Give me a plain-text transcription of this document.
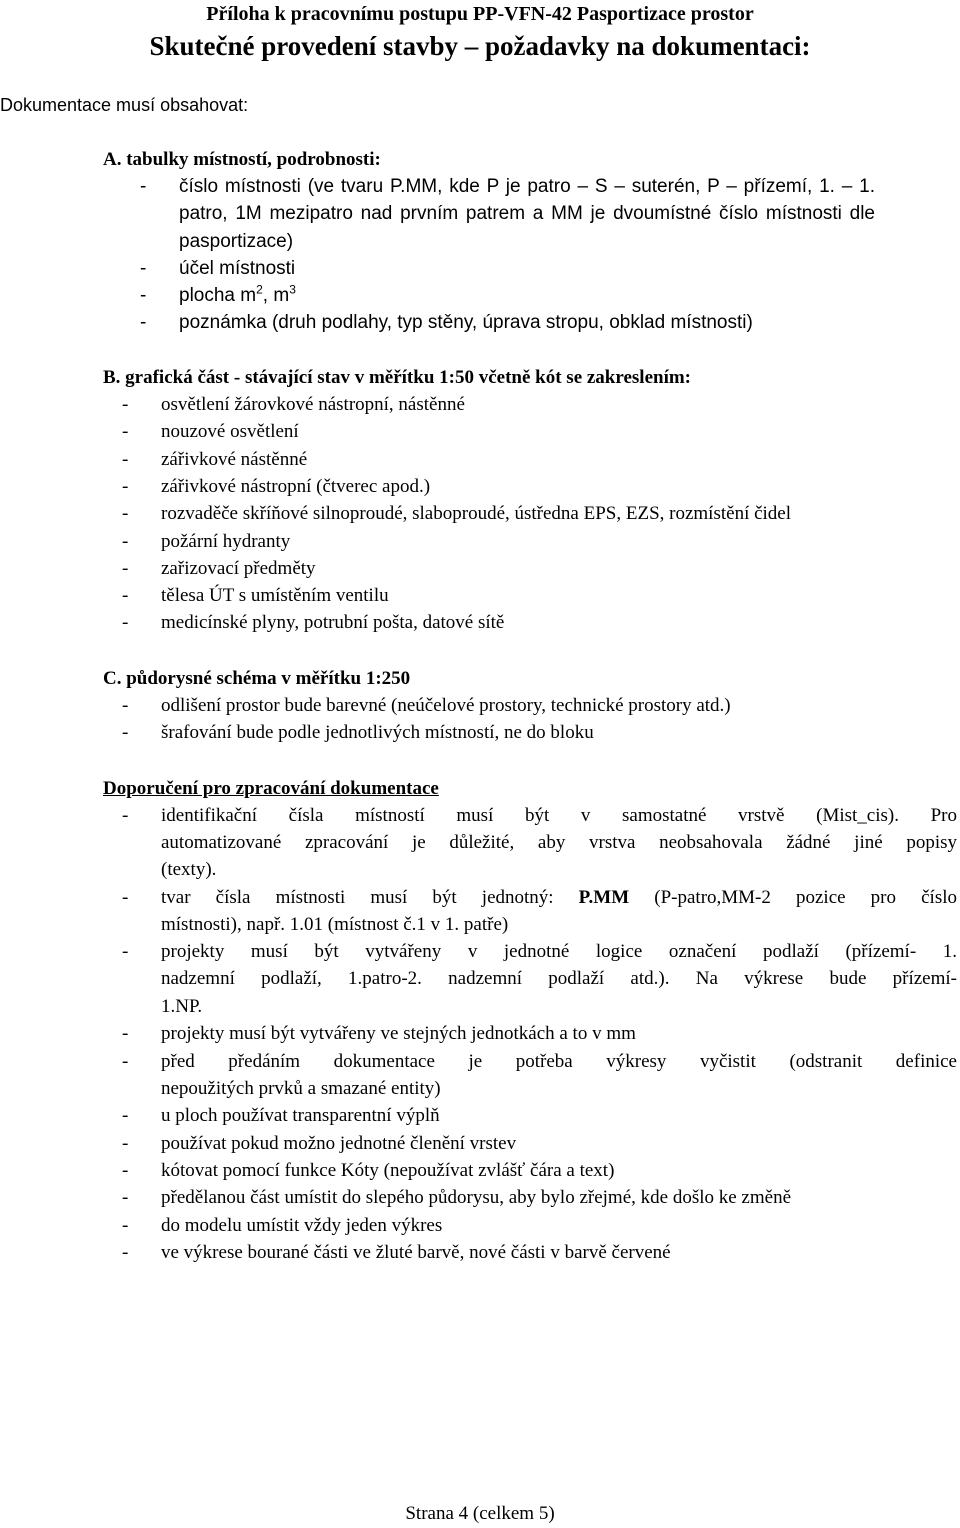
Příloha k pracovnímu postupu PP-VFN-42 Pasportizace prostor
Skutečné provedení stavby – požadavky na dokumentaci:
Dokumentace musí obsahovat:
A. tabulky místností, podrobnosti:
- číslo místnosti (ve tvaru P.MM, kde P je patro – S – suterén, P – přízemí, 1. – 1.
patro, 1M mezipatro nad prvním patrem a MM je dvoumístné číslo místnosti dle
pasportizace)
- účel místnosti
- plocha $m^2$, $m^3$
- poznámka (druh podlahy, typ stěny, úprava stropu, obklad místnosti)
B. grafická část - stávající stav v měřítku 1:50 včetně kót se zakreslením:
- osvětlení žárovkové nástropní, nástěnné
- nouzové osvětlení
- zářivkové nástěnné
- zářivkové nástropní (čtverec apod.)
- rozvaděče skříňové silnoproudé, slaboproudé, ústředna EPS, EZS, rozmístění čidel
- požární hydranty
- zařizovací předměty
- tělesa ÚT s umístěním ventilu
- medicínské plyny, potrubní pošta, datové sítě
C. půdorysné schéma v měřítku 1:250
- odlišení prostor bude barevné (neúčelové prostory, technické prostory atd.)
- šrafování bude podle jednotlivých místností, ne do bloku
Doporučení pro zpracování dokumentace
- identifikační čísla místností musí být v samostatné vrstvě (Mist_cis). Pro
automatizované zpracování je důležité, aby vrstva neobsahovala žádné jiné popisy
(texty).
- tvar čísla místnosti musí být jednotný: P.MM (P-patro,MM-2 pozice pro číslo
místnosti), např. 1.01 (místnost č.1 v 1. patře)
- projekty musí být vytvářeny v jednotné logice označení podlaží (přízemí- 1.
nadzemní podlaží, 1.patro-2. nadzemní podlaží atd.). Na výkrese bude přízemí-
1.NP.
- projekty musí být vytvářeny ve stejných jednotkách a to v mm
- před předáním dokumentace je potřeba výkresy vyčistit (odstranit definice
nepoužitých prvků a smazané entity)
- u ploch používat transparentní výplň
- používat pokud možno jednotné členění vrstev
- kótovat pomocí funkce Kóty (nepoužívat zvlášť čára a text)
- předělanou část umístit do slepého půdorysu, aby bylo zřejmé, kde došlo ke změně
- do modelu umístit vždy jeden výkres
- ve výkrese bourané části ve žluté barvě, nové části v barvě červené
Strana 4 (celkem 5)
